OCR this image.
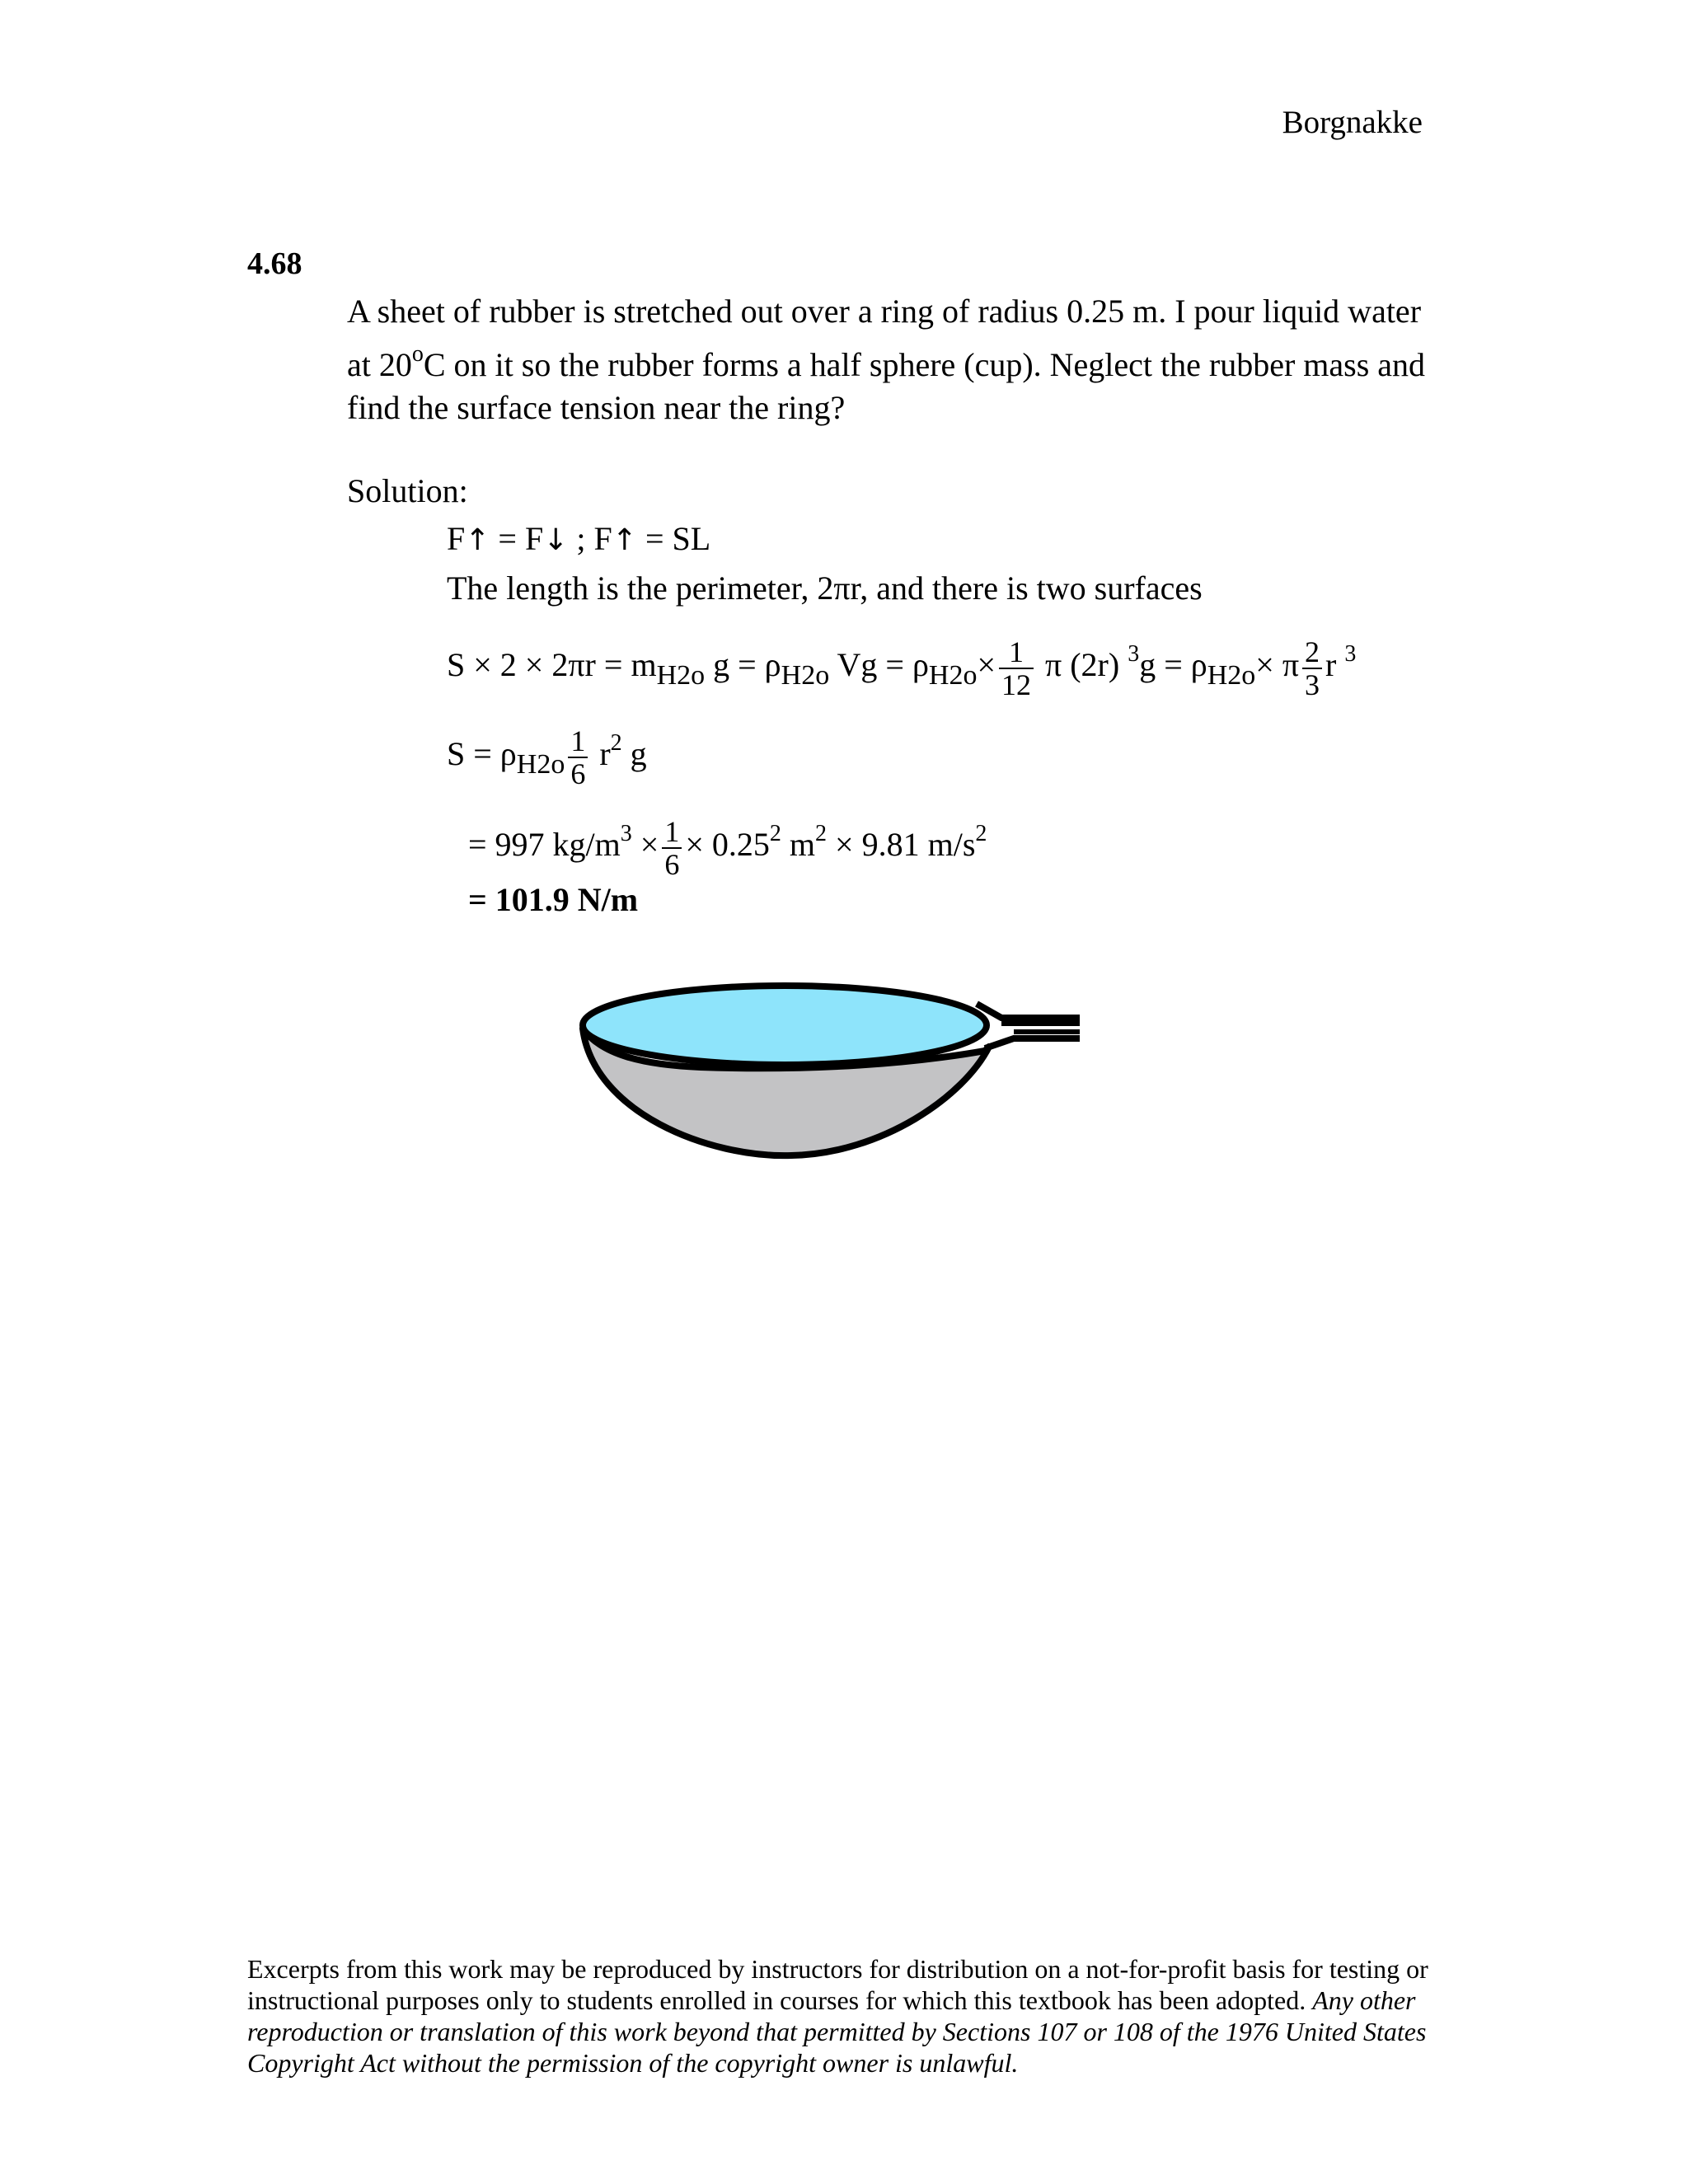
Borgnakke
4.68
A sheet of rubber is stretched out over a ring of radius 0.25 m. I pour liquid water at 20$^o$C on it so the rubber forms a half sphere (cup). Neglect the rubber mass and find the surface tension near the ring?
Solution:
F↑ = F↓ ; F↑ = SL
The length is the perimeter, 2πr, and there is two surfaces
$S \times 2 \times 2\pi r = m_{H2o}$ $g = \rho_{H2o}$ $Vg = \rho_{H2o}\times \frac{1}{12}$ π (2r) $^3g = \rho_{H2o}\times \pi \frac{2}{3}$ r $^3$
$S = \rho_{H2o} \frac{1}{6} r^2$ g
= 997 $kg/m^3 \times \frac{1}{6} \times 0.25^2$ $m^2 \times 9.81$ $m/s^2$
= 101.9 N/m
Excerpts from this work may be reproduced by instructors for distribution on a not-for-profit basis for testing or instructional purposes only to students enrolled in courses for which this textbook has been adopted. Any other reproduction or translation of this work beyond that permitted by Sections 107 or 108 of the 1976 United States Copyright Act without the permission of the copyright owner is unlawful.
